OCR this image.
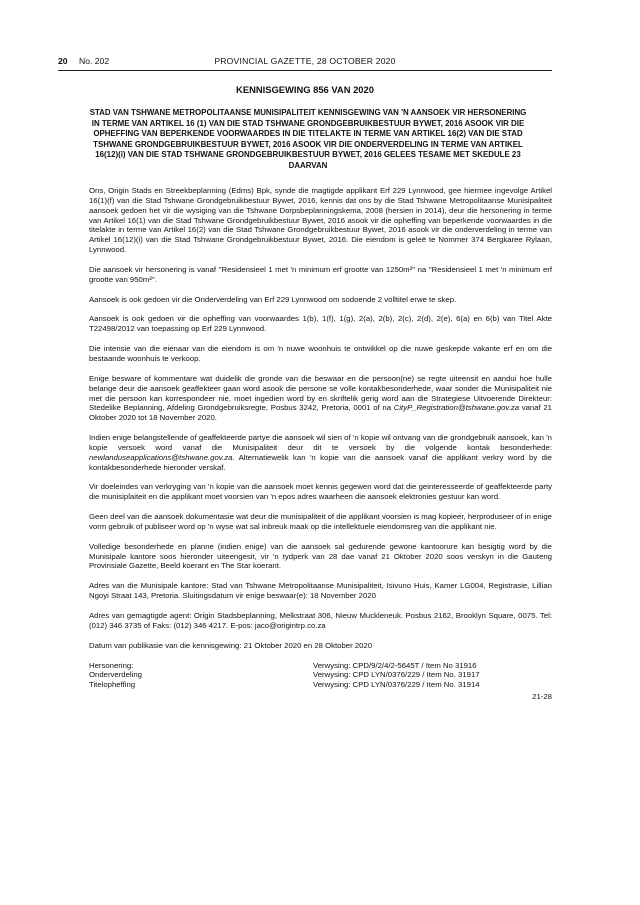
20 No. 202	PROVINCIAL GAZETTE, 28 OCTOBER 2020
KENNISGEWING 856 VAN 2020
STAD VAN TSHWANE METROPOLITAANSE MUNISIPALITEIT KENNISGEWING VAN 'N AANSOEK VIR HERSONERING IN TERME VAN ARTIKEL 16 (1) VAN DIE STAD TSHWANE GRONDGEBRUIKBESTUUR BYWET, 2016 ASOOK VIR DIE OPHEFFING VAN BEPERKENDE VOORWAARDES IN DIE TITELAKTE IN TERME VAN ARTIKEL 16(2) VAN DIE STAD TSHWANE GRONDGEBRUIKBESTUUR BYWET, 2016 ASOOK VIR DIE ONDERVERDELING IN TERME VAN ARTIKEL 16(12)(i) VAN DIE STAD TSHWANE GRONDGEBRUIKBESTUUR BYWET, 2016 GELEES TESAME MET SKEDULE 23 DAARVAN

Ons, Origin Stads en Streekbeplanning (Edms) Bpk, synde die magtigde applikant Erf 229 Lynnwood, gee hiermee ingevolge Artikel 16(1)(f) van die Stad Tshwane Grondgebruikbestuur Bywet, 2016, kennis dat ons by die Stad Tshwane Metropolitaanse Munisipaliteit aansoek gedoen het vir die wysiging van die Tshwane Dorpsbeplanningskema, 2008 (hersien in 2014), deur die hersonering in terme van Artikel 16(1) van die Stad Tshwane Grondgebruikbestuur Bywet, 2016 asook vir die opheffing van beperkende voorwaardes in die titelakte in terme van Artikel 16(2) van die Stad Tshwane Grondgebruikbestuur Bywet, 2016 asook vir die onderverdeling in terme van Artikel 16(12)(i) van die Stad Tshwane Grondgebruikbestuur Bywet, 2016. Die eiendom is geleë te Nommer 374 Bergkaree Rylaan, Lynnwood.

Die aansoek vir hersonering is vanaf ''Residensieel 1 met 'n minimum erf grootte van 1250m²'' na ''Residensieel 1 met 'n minimum erf grootte van 950m²''.

Aansoek is ook gedoen vir die Onderverdeling van Erf 229 Lynnwood om sodoende 2 volltitel erwe te skep.

Aansoek is ook gedoen vir die opheffing van voorwaardes 1(b), 1(f), 1(g), 2(a), 2(b), 2(c), 2(d), 2(e), 6(a) en 6(b) van Titel Akte T22498/2012 van toepassing op Erf 229 Lynnwood.

Die intensie van die eienaar van die eiendom is om 'n nuwe woonhuis te ontwikkel op die nuwe geskepde vakante erf en om die bestaande woonhuis te verkoop.

Enige besware of kommentare wat duidelik die gronde van die beswaar en die persoon(ne) se regte uiteensit en aandui hoe hulle belange deur die aansoek geaffekteer gaan word asook die persone se volle kontakbesonderhede, waar sonder die Munisipaliteit nie met die persoon kan korrespondeer nie, moet ingedien word by en skriftelik gerig word aan die Strategiese Uitvoerende Direkteur: Stedelike Beplanning, Afdeling Grondgebruiksregte, Posbus 3242, Pretoria, 0001 of na CityP_Registration@tshwane.gov.za vanaf 21 Oktober 2020 tot 18 November 2020.

Indien enige belangstellende of geaffekteerde partye die aansoek wil sien of 'n kopie wil ontvang van die grondgebruik aansoek, kan 'n kopie versoek word vanaf die Munisipaliteit deur dit te versoek by die volgende kontak besonderhede: newlanduseapplications@tshwane.gov.za. Alternatiewelik kan 'n kopie van die aansoek vanaf die applikant verkry word by die kontakbesonderhede hieronder verskaf.

Vir doeleindes van verkryging van 'n kopie van die aansoek moet kennis gegewen word dat die geinteresseerde of geaffekteerde party die munisiplaiteit en die applikant moet voorsien van 'n epos adres waarheen die aansoek elektronies gestuur kan word.

Geen deel van die aansoek dokumentasie wat deur die munisipaliteit of die applikant voorsien is mag kopieer, herproduseer of in enige vorm gebruik of publiseer word op 'n wyse wat sal inbreuk maak op die intellektuele eiendomsreg van die applikant nie.

Volledige besonderhede en planne (indien enige) van die aansoek sal gedurende gewone kantoorure kan besigtig word by die Munisipale kantore soos hieronder uiteengesit, vir 'n tydperk van 28 dae vanaf 21 Oktober 2020 soos verskyn in die Gauteng Provinsiale Gazette, Beeld koerant en The Star koerant.

Adres van die Munisipale kantore: Stad van Tshwane Metropolitaanse Munisipaliteit, Isivuno Huis, Kamer LG004, Registrasie, Lillian Ngoyi Straat 143, Pretoria. Sluitingsdatum vir enige beswaar(e): 18 November 2020

Adres van gemagtigde agent: Origin Stadsbeplanning, Melkstraat 306, Nieuw Muckleneuk. Posbus 2162, Brooklyn Square, 0075. Tel: (012) 346 3735 of Faks: (012) 346 4217. E-pos: jaco@origintrp.co.za

Datum van publikasie van die kennisgewing: 21 Oktober 2020 en 28 Oktober 2020

Hersonering:	Verwysing: CPD/9/2/4/2-5645T / Item No 31916
Onderverdeling	Verwysing: CPD LYN/0376/229 / Item No. 31917
Titelopheffing	Verwysing: CPD LYN/0376/229 / Item No. 31914
21-28
